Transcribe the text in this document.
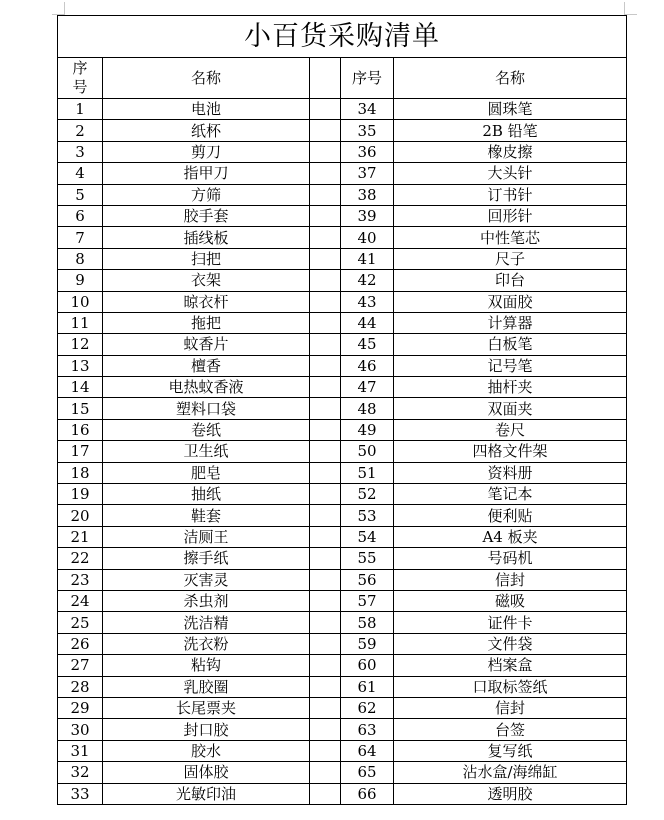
小百货采购清单				
序号	名称		序号	名称
1	电池		34	圆珠笔
2	纸杯		35	2B 铅笔
3	剪刀		36	橡皮擦
4	指甲刀		37	大头针
5	方筛		38	订书针
6	胶手套		39	回形针
7	插线板		40	中性笔芯
8	扫把		41	尺子
9	衣架		42	印台
10	晾衣杆		43	双面胶
11	拖把		44	计算器
12	蚊香片		45	白板笔
13	檀香		46	记号笔
14	电热蚊香液		47	抽杆夹
15	塑料口袋		48	双面夹
16	卷纸		49	卷尺
17	卫生纸		50	四格文件架
18	肥皂		51	资料册
19	抽纸		52	笔记本
20	鞋套		53	便利贴
21	洁厕王		54	A4 板夹
22	擦手纸		55	号码机
23	灭害灵		56	信封
24	杀虫剂		57	磁吸
25	洗洁精		58	证件卡
26	洗衣粉		59	文件袋
27	粘钩		60	档案盒
28	乳胶圈		61	口取标签纸
29	长尾票夹		62	信封
30	封口胶		63	台签
31	胶水		64	复写纸
32	固体胶		65	沾水盒/海绵缸
33	光敏印油		66	透明胶
